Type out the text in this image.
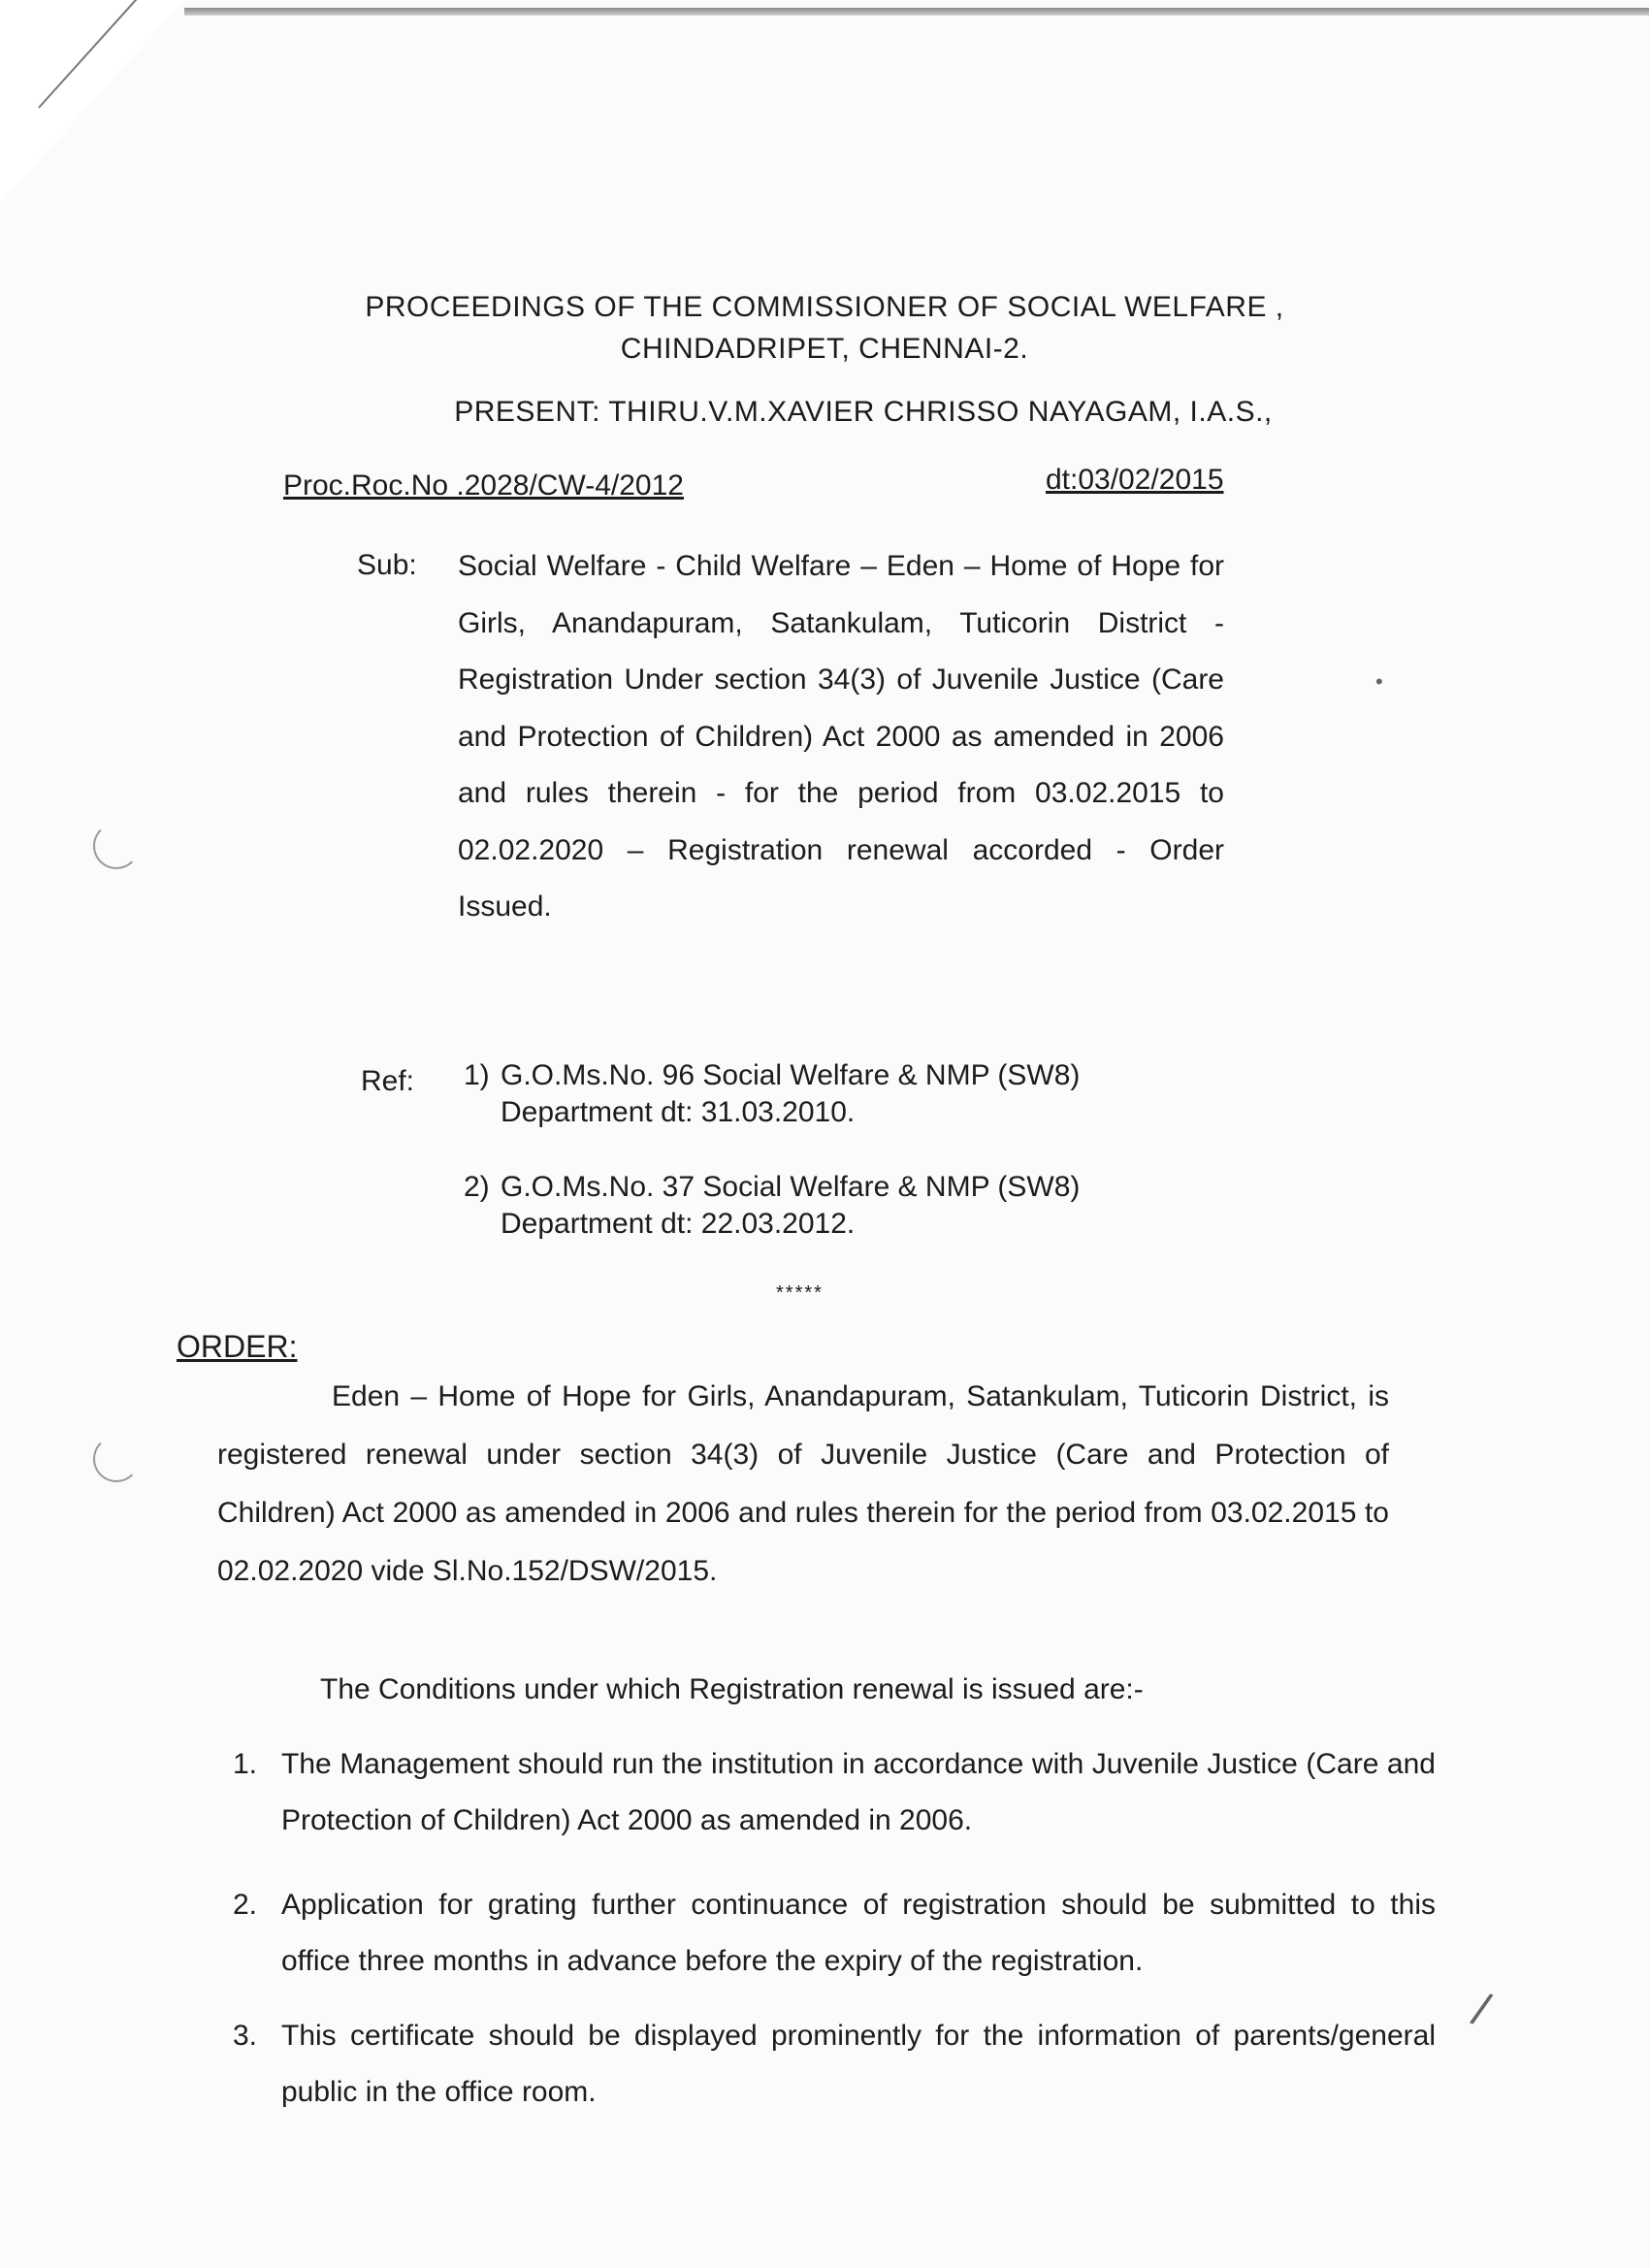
•
/
PROCEEDINGS OF THE COMMISSIONER OF SOCIAL WELFARE ,
CHINDADRIPET, CHENNAI-2.
PRESENT: THIRU.V.M.XAVIER CHRISSO NAYAGAM, I.A.S.,
Proc.Roc.No .2028/CW-4/2012	dt:03/02/2015
Sub: Social Welfare - Child Welfare – Eden – Home of Hope for Girls, Anandapuram, Satankulam, Tuticorin District - Registration Under section 34(3) of Juvenile Justice (Care and Protection of Children) Act 2000 as amended in 2006 and rules therein - for the period from 03.02.2015 to 02.02.2020 – Registration renewal accorded - Order Issued.
Ref: 1) G.O.Ms.No. 96 Social Welfare & NMP (SW8)
Department dt: 31.03.2010.
2) G.O.Ms.No. 37 Social Welfare & NMP (SW8)
Department dt: 22.03.2012.
*****
ORDER:
Eden – Home of Hope for Girls, Anandapuram, Satankulam, Tuticorin District, is registered renewal under section 34(3) of Juvenile Justice (Care and Protection of Children) Act 2000 as amended in 2006 and rules therein for the period from 03.02.2015 to 02.02.2020 vide Sl.No.152/DSW/2015.
The Conditions under which Registration renewal is issued are:-
1. The Management should run the institution in accordance with Juvenile Justice (Care and Protection of Children) Act 2000 as amended in 2006.
2. Application for grating further continuance of registration should be submitted to this office three months in advance before the expiry of the registration.
3. This certificate should be displayed prominently for the information of parents/general public in the office room.
